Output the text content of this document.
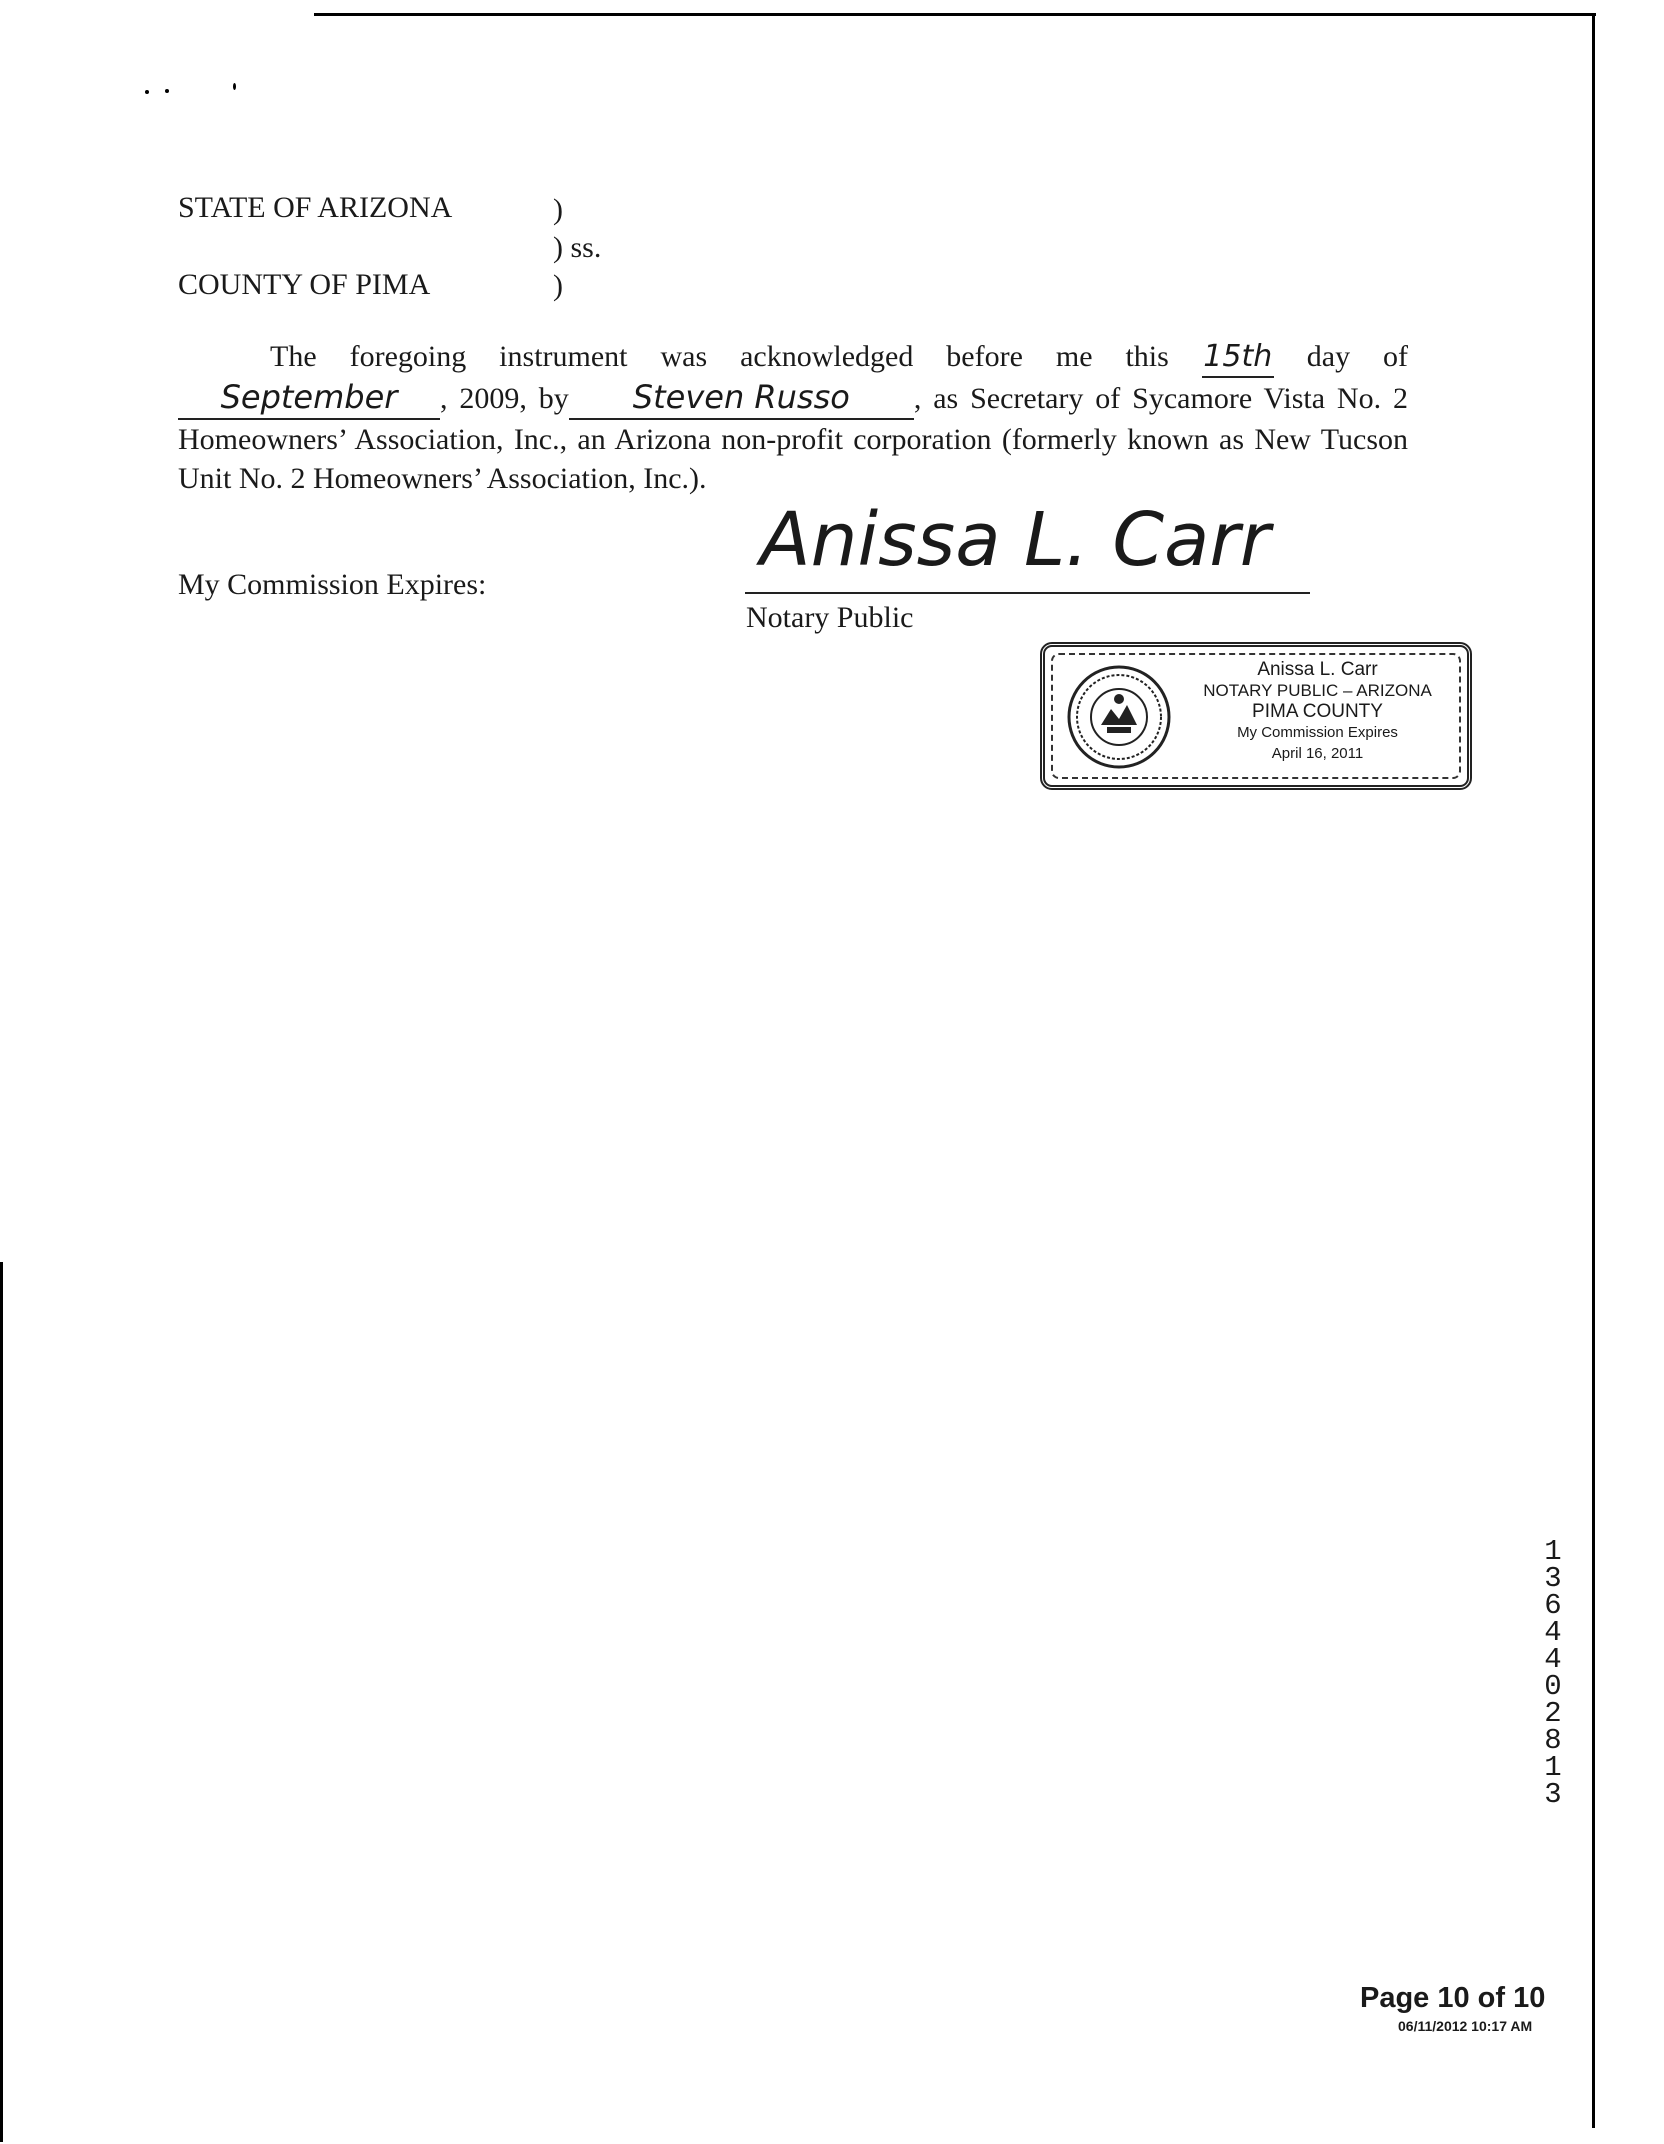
STATE OF ARIZONA	)
) ss.
COUNTY OF PIMA	)
The foregoing instrument was acknowledged before me this 15th day of September , 2009, by Steven Russo , as Secretary of Sycamore Vista No. 2 Homeowners’ Association, Inc., an Arizona non-profit corporation (formerly known as New Tucson Unit No. 2 Homeowners’ Association, Inc.).
My Commission Expires:
Anissa L. Carr
Notary Public
Anissa L. Carr
NOTARY PUBLIC – ARIZONA
PIMA COUNTY
My Commission Expires
April 16, 2011
13644 02813
Page 10 of 10
06/11/2012 10:17 AM
